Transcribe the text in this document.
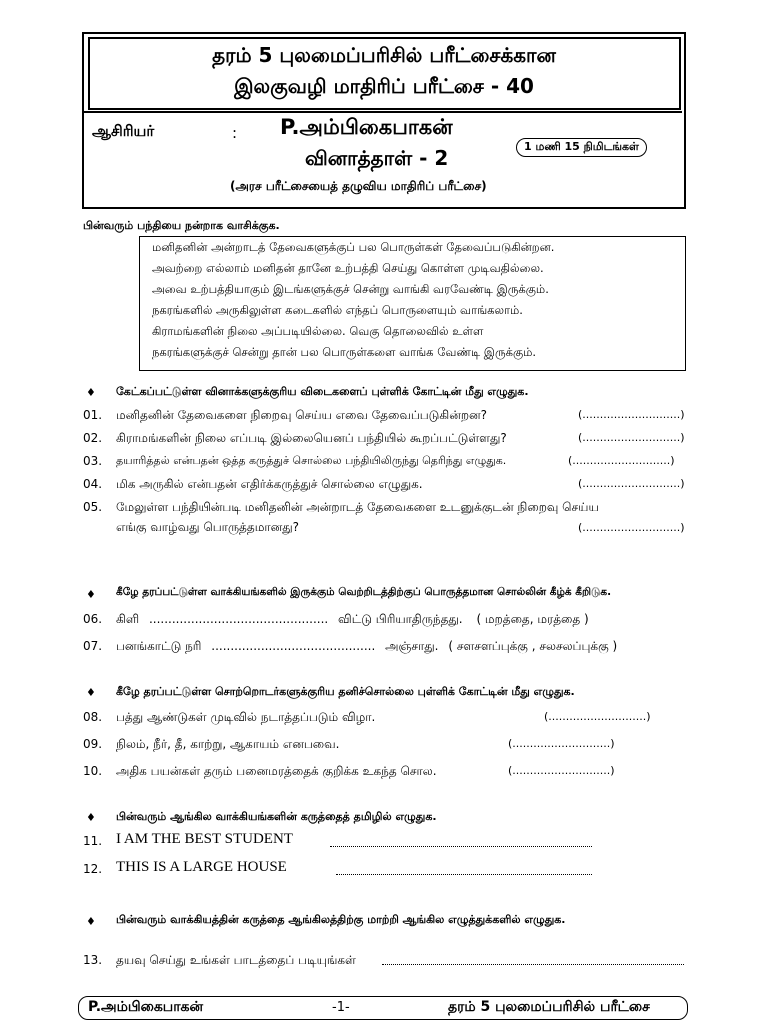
தரம் 5 புலமைப்பரிசில் பரீட்சைக்கான
இலகுவழி மாதிரிப் பரீட்சை - 40
ஆசிரியர்	: P.அம்பிகைபாகன்
வினாத்தாள் - 2	1 மணி 15 நிமிடங்கள்
(அரச பரீட்சையைத் தழுவிய மாதிரிப் பரீட்சை)
பின்வரும் பந்தியை நன்றாக வாசிக்குக.
மனிதனின் அன்றாடத் தேவைகளுக்குப் பல பொருள்கள் தேவைப்படுகின்றன.
அவற்றை எல்லாம் மனிதன் தானே உற்பத்தி செய்து கொள்ள முடிவதில்லை.
அவை உற்பத்தியாகும் இடங்களுக்குச் சென்று வாங்கி வரவேண்டி இருக்கும்.
நகரங்களில் அருகிலுள்ள கடைகளில் எந்தப் பொருளையும் வாங்கலாம்.
கிராமங்களின் நிலை அப்படியில்லை. வெகு தொலைவில் உள்ள
நகரங்களுக்குச் சென்று தான் பல பொருள்களை வாங்க வேண்டி இருக்கும்.
♦ கேட்கப்பட்டுள்ள வினாக்களுக்குரிய விடைகளைப் புள்ளிக் கோட்டின் மீது எழுதுக.
01. மனிதனின் தேவைகளை நிறைவு செய்ய எவை தேவைப்படுகின்றன?	(............................)
02. கிராமங்களின் நிலை எப்படி இல்லையெனப் பந்தியில் கூறப்பட்டுள்ளது?	(............................)
03. தயாரித்தல் என்பதன் ஒத்த கருத்துச் சொல்லை பந்தியிலிருந்து தெரிந்து எழுதுக.	(............................)
04. மிக அருகில் என்பதன் எதிர்க்கருத்துச் சொல்லை எழுதுக.	(............................)
05. மேலுள்ள பந்தியின்படி மனிதனின் அன்றாடத் தேவைகளை உடனுக்குடன் நிறைவு செய்ய
எங்கு வாழ்வது பொருத்தமானது?	(............................)
♦ கீழே தரப்பட்டுள்ள வாக்கியங்களில் இருக்கும் வெற்றிடத்திற்குப் பொருத்தமான சொல்லின் கீழ்க் கீறிடுக.
06. கிளி ............................................... விட்டு பிரியாதிருந்தது. ( மறத்தை, மரத்தை )
07. பனங்காட்டு நரி ........................................... அஞ்சாது. ( சளசளப்புக்கு , சலசலப்புக்கு )
♦ கீழே தரப்பட்டுள்ள சொற்றொடர்களுக்குரிய தனிச்சொல்லை புள்ளிக் கோட்டின் மீது எழுதுக.
08. பத்து ஆண்டுகள் முடிவில் நடாத்தப்படும் விழா.	(............................)
09. நிலம், நீர், தீ, காற்று, ஆகாயம் எனபவை.	(............................)
10. அதிக பயன்கள் தரும் பனைமரத்தைக் குறிக்க உகந்த சொல.	(............................)
♦ பின்வரும் ஆங்கில வாக்கியங்களின் கருத்தைத் தமிழில் எழுதுக.
11. I AM THE BEST STUDENT
12. THIS IS A LARGE HOUSE
♦ பின்வரும் வாக்கியத்தின் கருத்தை ஆங்கிலத்திற்கு மாற்றி ஆங்கில எழுத்துக்களில் எழுதுக.
13. தயவு செய்து உங்கள் பாடத்தைப் படியுங்கள்
P.அம்பிகைபாகன்	-1-	தரம் 5 புலமைப்பரிசில் பரீட்சை
